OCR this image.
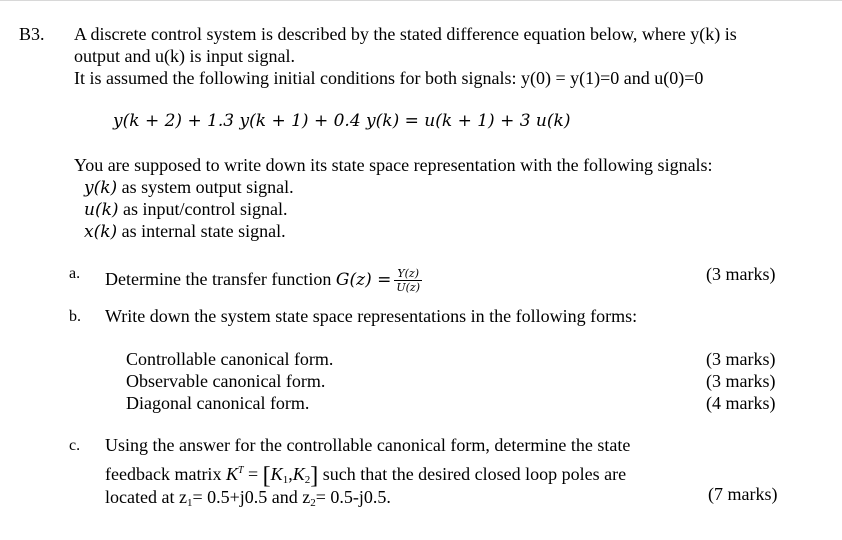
B3. A discrete control system is described by the stated difference equation below, where y(k) is
output and u(k) is input signal.
It is assumed the following initial conditions for both signals: y(0) = y(1)=0 and u(0)=0
y(k + 2) + 1.3 y(k + 1) + 0.4 y(k) = u(k + 1) + 3 u(k)
You are supposed to write down its state space representation with the following signals:
y(k) as system output signal.
u(k) as input/control signal.
x(k) as internal state signal.
a. Determine the transfer function $G(z) = \frac{Y(z)}{U(z)}$	(3 marks)
b. Write down the system state space representations in the following forms:
Controllable canonical form.	(3 marks)
Observable canonical form.	(3 marks)
Diagonal canonical form.	(4 marks)
c. Using the answer for the controllable canonical form, determine the state
feedback matrix $K^T = [K_1,K_2]$ such that the desired closed loop poles are
located at $z_1= 0.5+j0.5$ and $z_2= 0.5-j0.5$.	(7 marks)
